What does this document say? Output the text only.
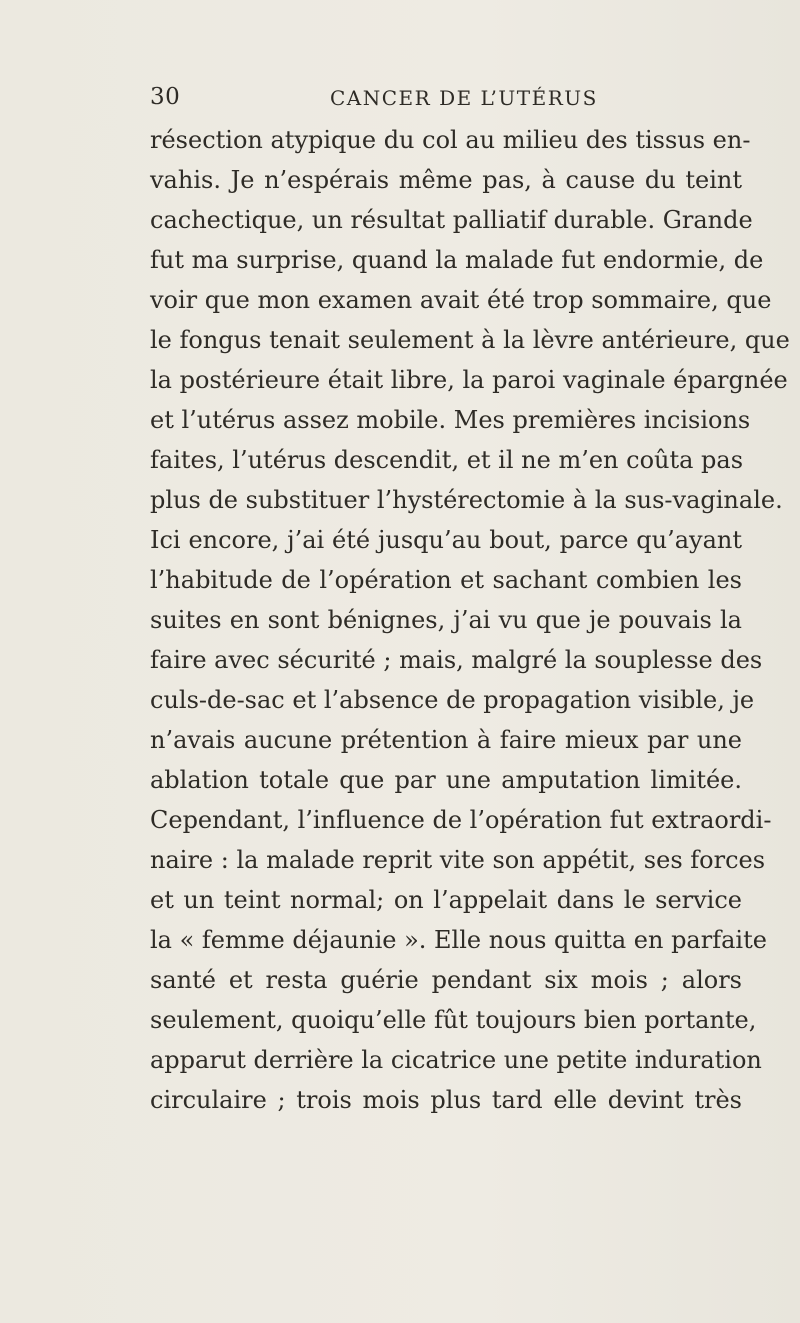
30	CANCER DE L’UTÉRUS
résection atypique du col au milieu des tissus en-
vahis. Je n’espérais même pas, à cause du teint
cachectique, un résultat palliatif durable. Grande
fut ma surprise, quand la malade fut endormie, de
voir que mon examen avait été trop sommaire, que
le fongus tenait seulement à la lèvre antérieure, que
la postérieure était libre, la paroi vaginale épargnée
et l’utérus assez mobile. Mes premières incisions
faites, l’utérus descendit, et il ne m’en coûta pas
plus de substituer l’hystérectomie à la sus-vaginale.
Ici encore, j’ai été jusqu’au bout, parce qu’ayant
l’habitude de l’opération et sachant combien les
suites en sont bénignes, j’ai vu que je pouvais la
faire avec sécurité ; mais, malgré la souplesse des
culs-de-sac et l’absence de propagation visible, je
n’avais aucune prétention à faire mieux par une
ablation totale que par une amputation limitée.
Cependant, l’influence de l’opération fut extraordi-
naire : la malade reprit vite son appétit, ses forces
et un teint normal; on l’appelait dans le service
la « femme déjaunie ». Elle nous quitta en parfaite
santé et resta guérie pendant six mois ; alors
seulement, quoiqu’elle fût toujours bien portante,
apparut derrière la cicatrice une petite induration
circulaire ; trois mois plus tard elle devint très
